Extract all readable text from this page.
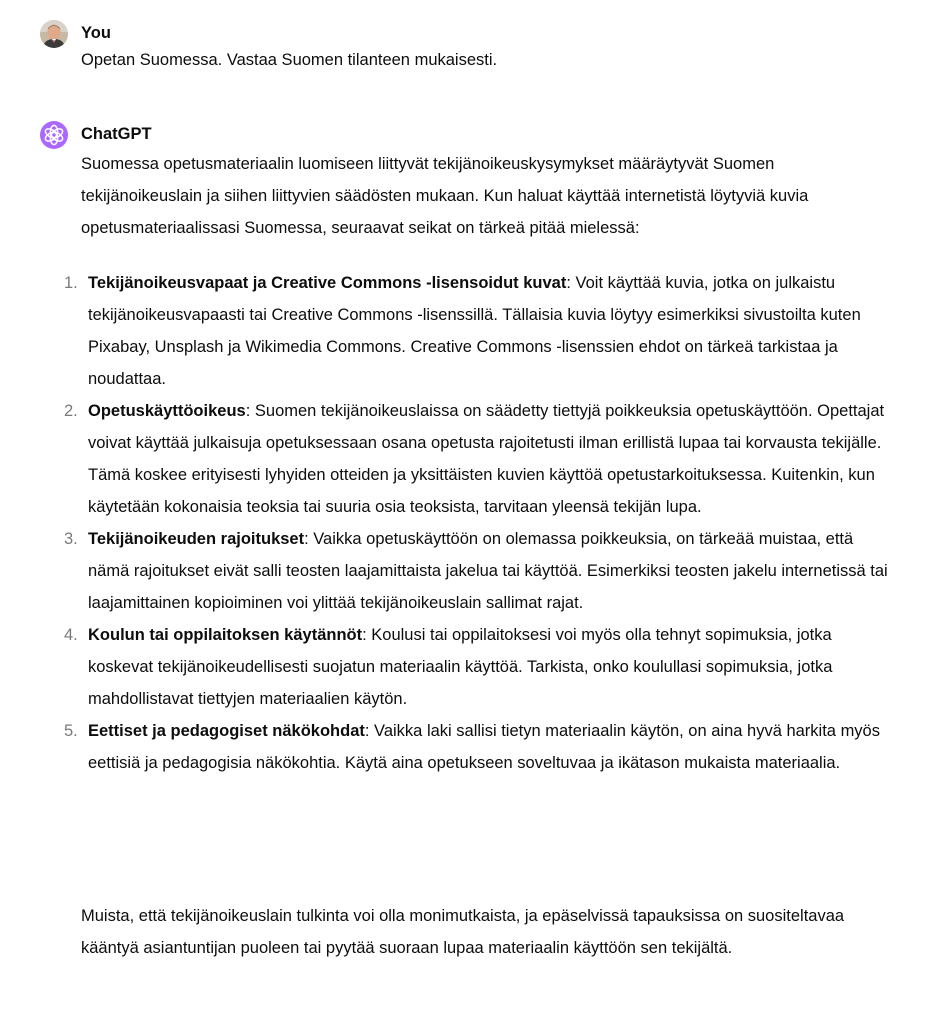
You
Opetan Suomessa. Vastaa Suomen tilanteen mukaisesti.
ChatGPT
Suomessa opetusmateriaalin luomiseen liittyvät tekijänoikeuskysymykset määräytyvät Suomen tekijänoikeuslain ja siihen liittyvien säädösten mukaan. Kun haluat käyttää internetistä löytyviä kuvia opetusmateriaalissasi Suomessa, seuraavat seikat on tärkeä pitää mielessä:
1. Tekijänoikeusvapaat ja Creative Commons -lisensoidut kuvat: Voit käyttää kuvia, jotka on julkaistu tekijänoikeusvapaasti tai Creative Commons -lisenssillä. Tällaisia kuvia löytyy esimerkiksi sivustoilta kuten Pixabay, Unsplash ja Wikimedia Commons. Creative Commons -lisenssien ehdot on tärkeä tarkistaa ja noudattaa.
2. Opetuskäyttöoikeus: Suomen tekijänoikeuslaissa on säädetty tiettyjä poikkeuksia opetuskäyttöön. Opettajat voivat käyttää julkaisuja opetuksessaan osana opetusta rajoitetusti ilman erillistä lupaa tai korvausta tekijälle. Tämä koskee erityisesti lyhyiden otteiden ja yksittäisten kuvien käyttöä opetustarkoituksessa. Kuitenkin, kun käytetään kokonaisia teoksia tai suuria osia teoksista, tarvitaan yleensä tekijän lupa.
3. Tekijänoikeuden rajoitukset: Vaikka opetuskäyttöön on olemassa poikkeuksia, on tärkeää muistaa, että nämä rajoitukset eivät salli teosten laajamittaista jakelua tai käyttöä. Esimerkiksi teosten jakelu internetissä tai laajamittainen kopioiminen voi ylittää tekijänoikeuslain sallimat rajat.
4. Koulun tai oppilaitoksen käytännöt: Koulusi tai oppilaitoksesi voi myös olla tehnyt sopimuksia, jotka koskevat tekijänoikeudellisesti suojatun materiaalin käyttöä. Tarkista, onko koulullasi sopimuksia, jotka mahdollistavat tiettyjen materiaalien käytön.
5. Eettiset ja pedagogiset näkökohdat: Vaikka laki sallisi tietyn materiaalin käytön, on aina hyvä harkita myös eettisiä ja pedagogisia näkökohtia. Käytä aina opetukseen soveltuvaa ja ikätason mukaista materiaalia.
Muista, että tekijänoikeuslain tulkinta voi olla monimutkaista, ja epäselvissä tapauksissa on suositeltavaa kääntyä asiantuntijan puoleen tai pyytää suoraan lupaa materiaalin käyttöön sen tekijältä.
